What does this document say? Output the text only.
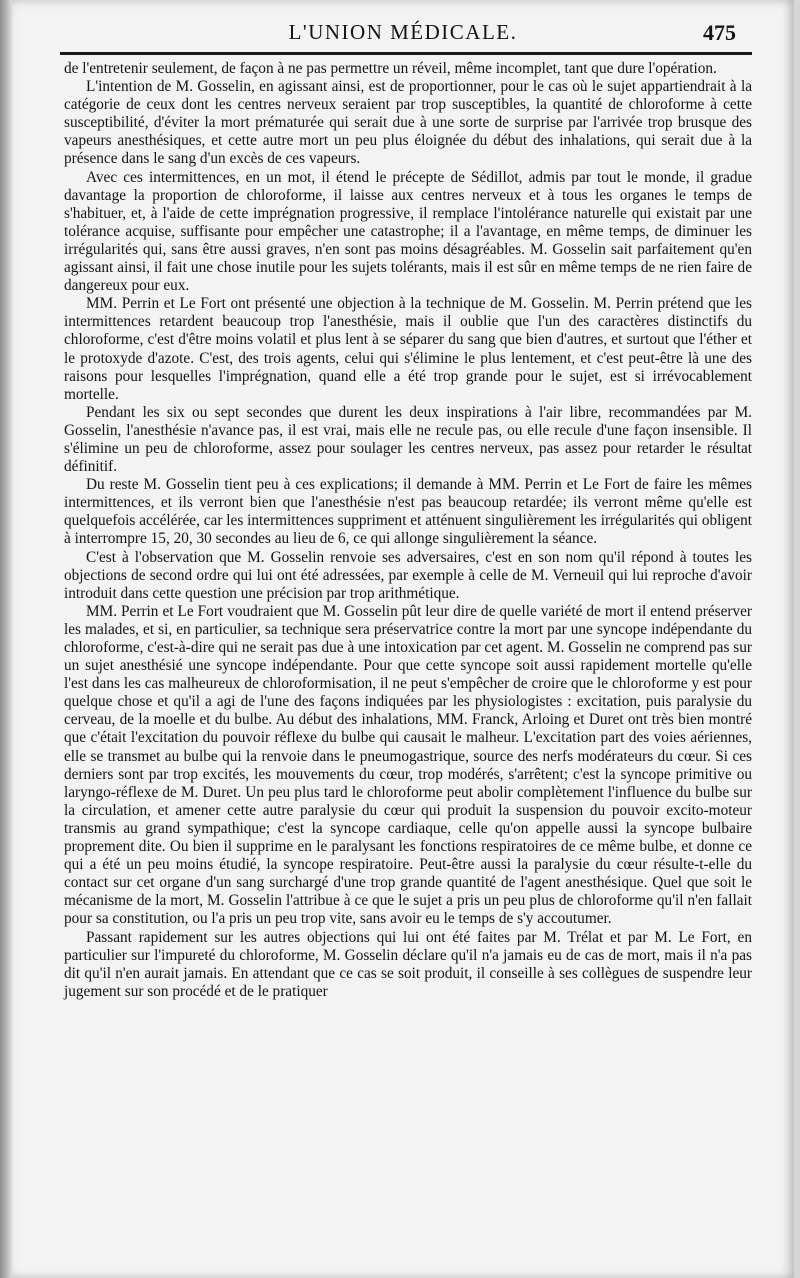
L'UNION MÉDICALE.	475

de l'entretenir seulement, de façon à ne pas permettre un réveil, même incomplet, tant que dure l'opération.

L'intention de M. Gosselin, en agissant ainsi, est de proportionner, pour le cas où le sujet appartiendrait à la catégorie de ceux dont les centres nerveux seraient par trop susceptibles, la quantité de chloroforme à cette susceptibilité, d'éviter la mort prématurée qui serait due à une sorte de surprise par l'arrivée trop brusque des vapeurs anesthésiques, et cette autre mort un peu plus éloignée du début des inhalations, qui serait due à la présence dans le sang d'un excès de ces vapeurs.

Avec ces intermittences, en un mot, il étend le précepte de Sédillot, admis par tout le monde, il gradue davantage la proportion de chloroforme, il laisse aux centres nerveux et à tous les organes le temps de s'habituer, et, à l'aide de cette imprégnation progressive, il remplace l'intolérance naturelle qui existait par une tolérance acquise, suffisante pour empêcher une catastrophe; il a l'avantage, en même temps, de diminuer les irrégularités qui, sans être aussi graves, n'en sont pas moins désagréables. M. Gosselin sait parfaitement qu'en agissant ainsi, il fait une chose inutile pour les sujets tolérants, mais il est sûr en même temps de ne rien faire de dangereux pour eux.

MM. Perrin et Le Fort ont présenté une objection à la technique de M. Gosselin. M. Perrin prétend que les intermittences retardent beaucoup trop l'anesthésie, mais il oublie que l'un des caractères distinctifs du chloroforme, c'est d'être moins volatil et plus lent à se séparer du sang que bien d'autres, et surtout que l'éther et le protoxyde d'azote. C'est, des trois agents, celui qui s'élimine le plus lentement, et c'est peut-être là une des raisons pour lesquelles l'imprégnation, quand elle a été trop grande pour le sujet, est si irrévocablement mortelle.

Pendant les six ou sept secondes que durent les deux inspirations à l'air libre, recommandées par M. Gosselin, l'anesthésie n'avance pas, il est vrai, mais elle ne recule pas, ou elle recule d'une façon insensible. Il s'élimine un peu de chloroforme, assez pour soulager les centres nerveux, pas assez pour retarder le résultat définitif.

Du reste M. Gosselin tient peu à ces explications; il demande à MM. Perrin et Le Fort de faire les mêmes intermittences, et ils verront bien que l'anesthésie n'est pas beaucoup retardée; ils verront même qu'elle est quelquefois accélérée, car les intermittences suppriment et atténuent singulièrement les irrégularités qui obligent à interrompre 15, 20, 30 secondes au lieu de 6, ce qui allonge singulièrement la séance.

C'est à l'observation que M. Gosselin renvoie ses adversaires, c'est en son nom qu'il répond à toutes les objections de second ordre qui lui ont été adressées, par exemple à celle de M. Verneuil qui lui reproche d'avoir introduit dans cette question une précision par trop arithmétique.

MM. Perrin et Le Fort voudraient que M. Gosselin pût leur dire de quelle variété de mort il entend préserver les malades, et si, en particulier, sa technique sera préservatrice contre la mort par une syncope indépendante du chloroforme, c'est-à-dire qui ne serait pas due à une intoxication par cet agent. M. Gosselin ne comprend pas sur un sujet anesthésié une syncope indépendante. Pour que cette syncope soit aussi rapidement mortelle qu'elle l'est dans les cas malheureux de chloroformisation, il ne peut s'empêcher de croire que le chloroforme y est pour quelque chose et qu'il a agi de l'une des façons indiquées par les physiologistes : excitation, puis paralysie du cerveau, de la moelle et du bulbe. Au début des inhalations, MM. Franck, Arloing et Duret ont très bien montré que c'était l'excitation du pouvoir réflexe du bulbe qui causait le malheur. L'excitation part des voies aériennes, elle se transmet au bulbe qui la renvoie dans le pneumogastrique, source des nerfs modérateurs du cœur. Si ces derniers sont par trop excités, les mouvements du cœur, trop modérés, s'arrêtent; c'est la syncope primitive ou laryngo-réflexe de M. Duret. Un peu plus tard le chloroforme peut abolir complètement l'influence du bulbe sur la circulation, et amener cette autre paralysie du cœur qui produit la suspension du pouvoir excito-moteur transmis au grand sympathique; c'est la syncope cardiaque, celle qu'on appelle aussi la syncope bulbaire proprement dite. Ou bien il supprime en le paralysant les fonctions respiratoires de ce même bulbe, et donne ce qui a été un peu moins étudié, la syncope respiratoire. Peut-être aussi la paralysie du cœur résulte-t-elle du contact sur cet organe d'un sang surchargé d'une trop grande quantité de l'agent anesthésique. Quel que soit le mécanisme de la mort, M. Gosselin l'attribue à ce que le sujet a pris un peu plus de chloroforme qu'il n'en fallait pour sa constitution, ou l'a pris un peu trop vite, sans avoir eu le temps de s'y accoutumer.

Passant rapidement sur les autres objections qui lui ont été faites par M. Trélat et par M. Le Fort, en particulier sur l'impureté du chloroforme, M. Gosselin déclare qu'il n'a jamais eu de cas de mort, mais il n'a pas dit qu'il n'en aurait jamais. En attendant que ce cas se soit produit, il conseille à ses collègues de suspendre leur jugement sur son procédé et de le pratiquer
